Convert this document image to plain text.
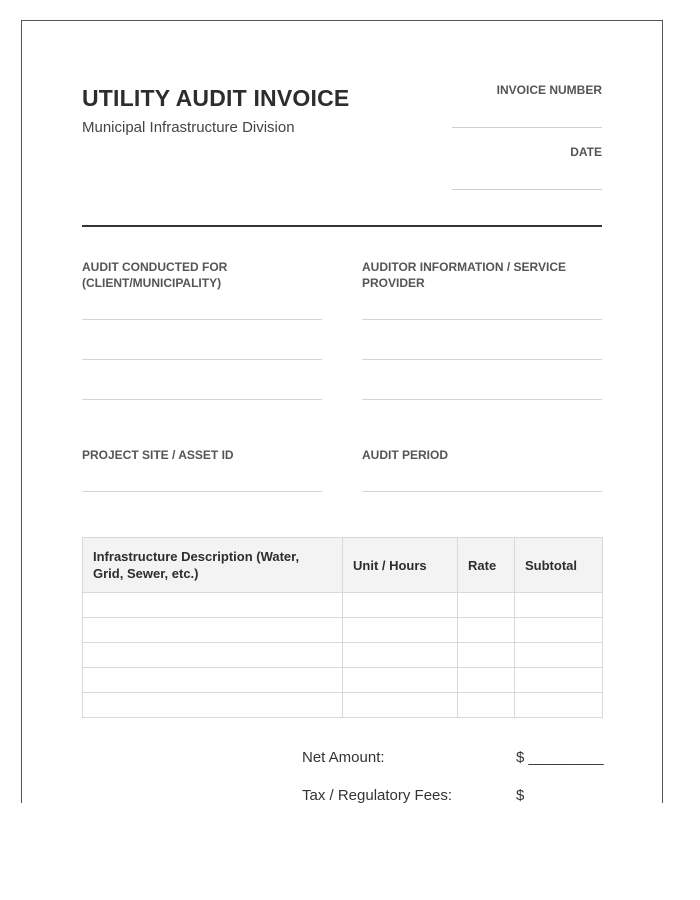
UTILITY AUDIT INVOICE
Municipal Infrastructure Division
INVOICE NUMBER
DATE
AUDIT CONDUCTED FOR (CLIENT/MUNICIPALITY)
AUDITOR INFORMATION / SERVICE PROVIDER
PROJECT SITE / ASSET ID	AUDIT PERIOD
Infrastructure Description (Water, Grid, Sewer, etc.)	Unit / Hours	Rate	Subtotal

Net Amount:	$ _________
Tax / Regulatory Fees:	$
